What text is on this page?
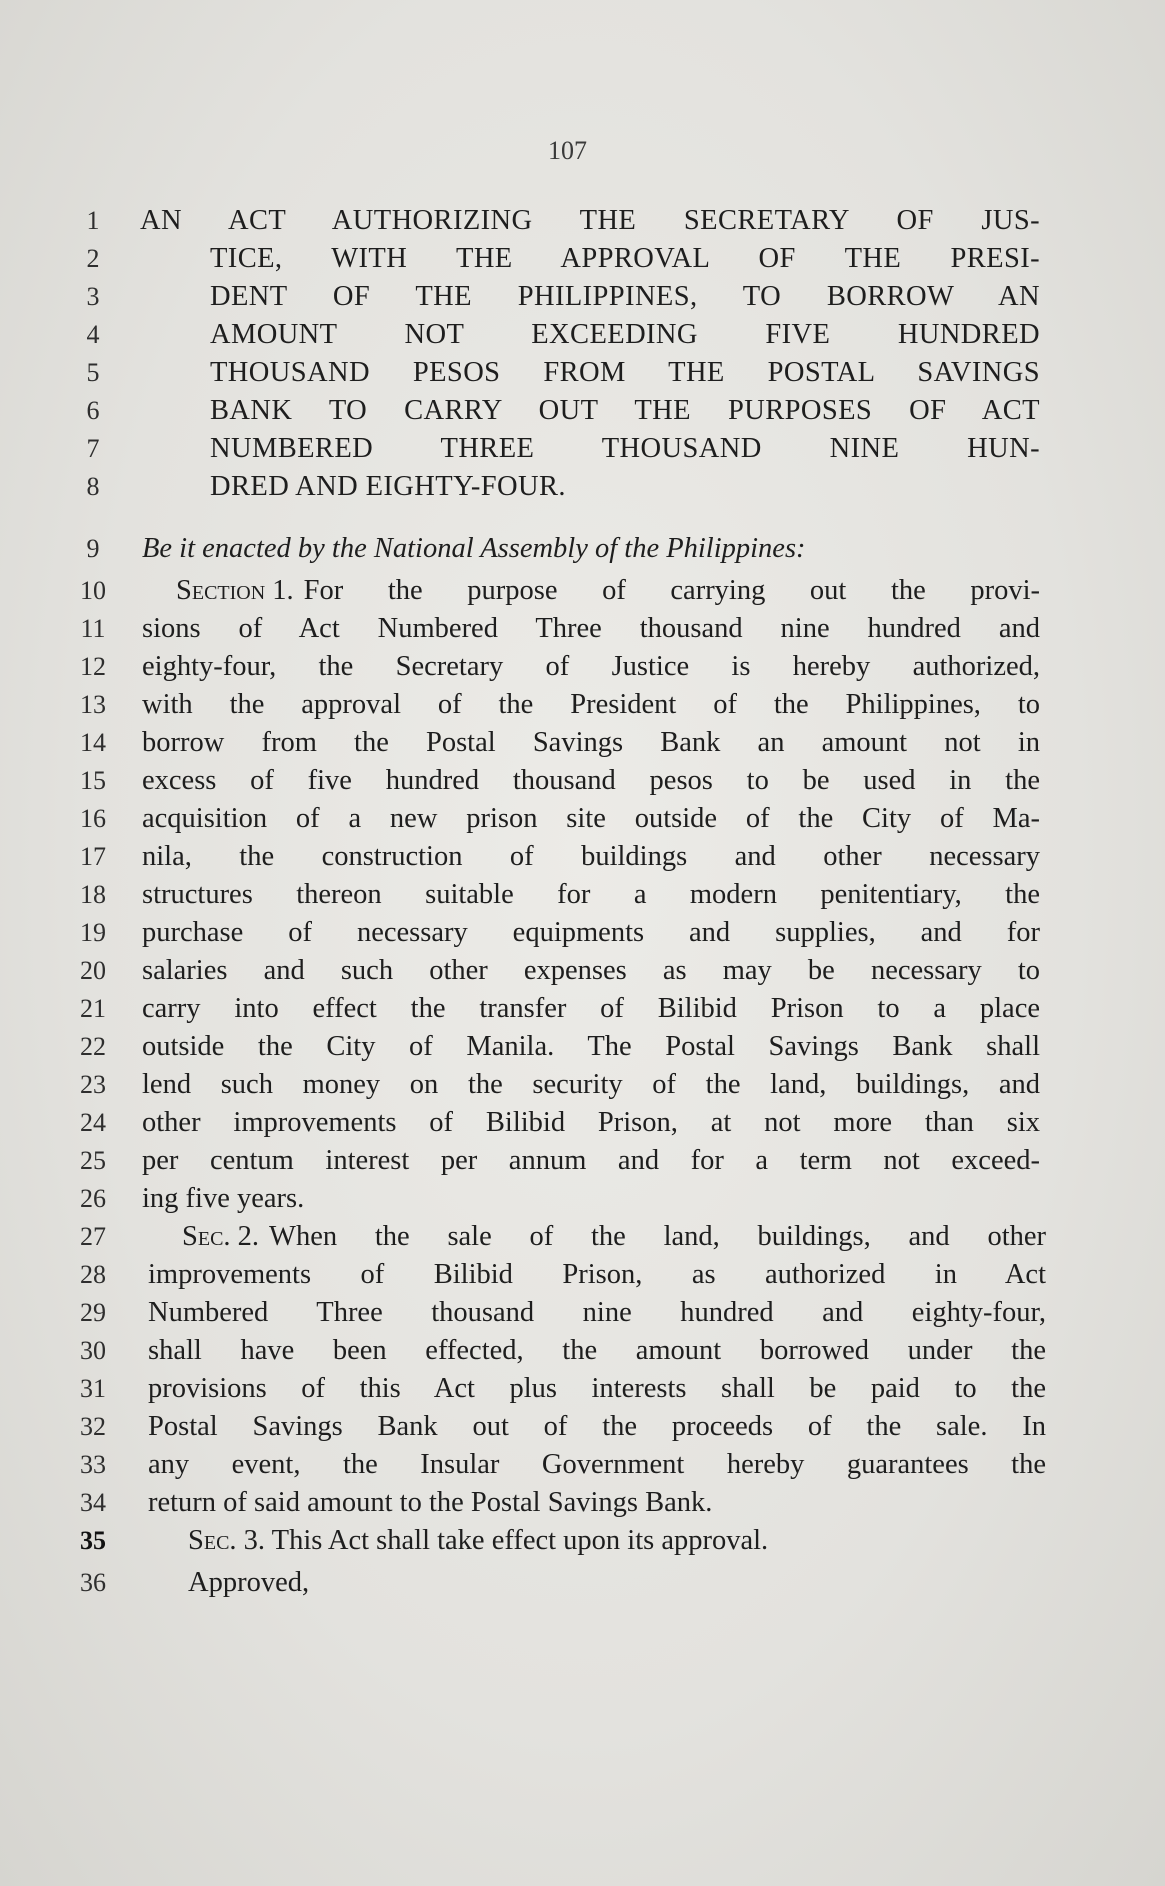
107
1
2
3
4
5
6
7
8
9
10
11
12
13
14
15
16
17
18
19
20
21
22
23
24
25
26
27
28
29
30
31
32
33
34
35
36
AN ACT AUTHORIZING THE SECRETARY OF JUS-
TICE, WITH THE APPROVAL OF THE PRESI-
DENT OF THE PHILIPPINES, TO BORROW AN
AMOUNT NOT EXCEEDING FIVE HUNDRED
THOUSAND PESOS FROM THE POSTAL SAVINGS
BANK TO CARRY OUT THE PURPOSES OF ACT
NUMBERED THREE THOUSAND NINE HUN-
DRED AND EIGHTY-FOUR.
Be it enacted by the National Assembly of the Philippines:
Section 1. For the purpose of carrying out the provi-
sions of Act Numbered Three thousand nine hundred and
eighty-four, the Secretary of Justice is hereby authorized,
with the approval of the President of the Philippines, to
borrow from the Postal Savings Bank an amount not in
excess of five hundred thousand pesos to be used in the
acquisition of a new prison site outside of the City of Ma-
nila, the construction of buildings and other necessary
structures thereon suitable for a modern penitentiary, the
purchase of necessary equipments and supplies, and for
salaries and such other expenses as may be necessary to
carry into effect the transfer of Bilibid Prison to a place
outside the City of Manila. The Postal Savings Bank shall
lend such money on the security of the land, buildings, and
other improvements of Bilibid Prison, at not more than six
per centum interest per annum and for a term not exceed-
ing five years.
Sec. 2. When the sale of the land, buildings, and other
improvements of Bilibid Prison, as authorized in Act
Numbered Three thousand nine hundred and eighty-four,
shall have been effected, the amount borrowed under the
provisions of this Act plus interests shall be paid to the
Postal Savings Bank out of the proceeds of the sale. In
any event, the Insular Government hereby guarantees the
return of said amount to the Postal Savings Bank.
Sec. 3. This Act shall take effect upon its approval.
Approved,
